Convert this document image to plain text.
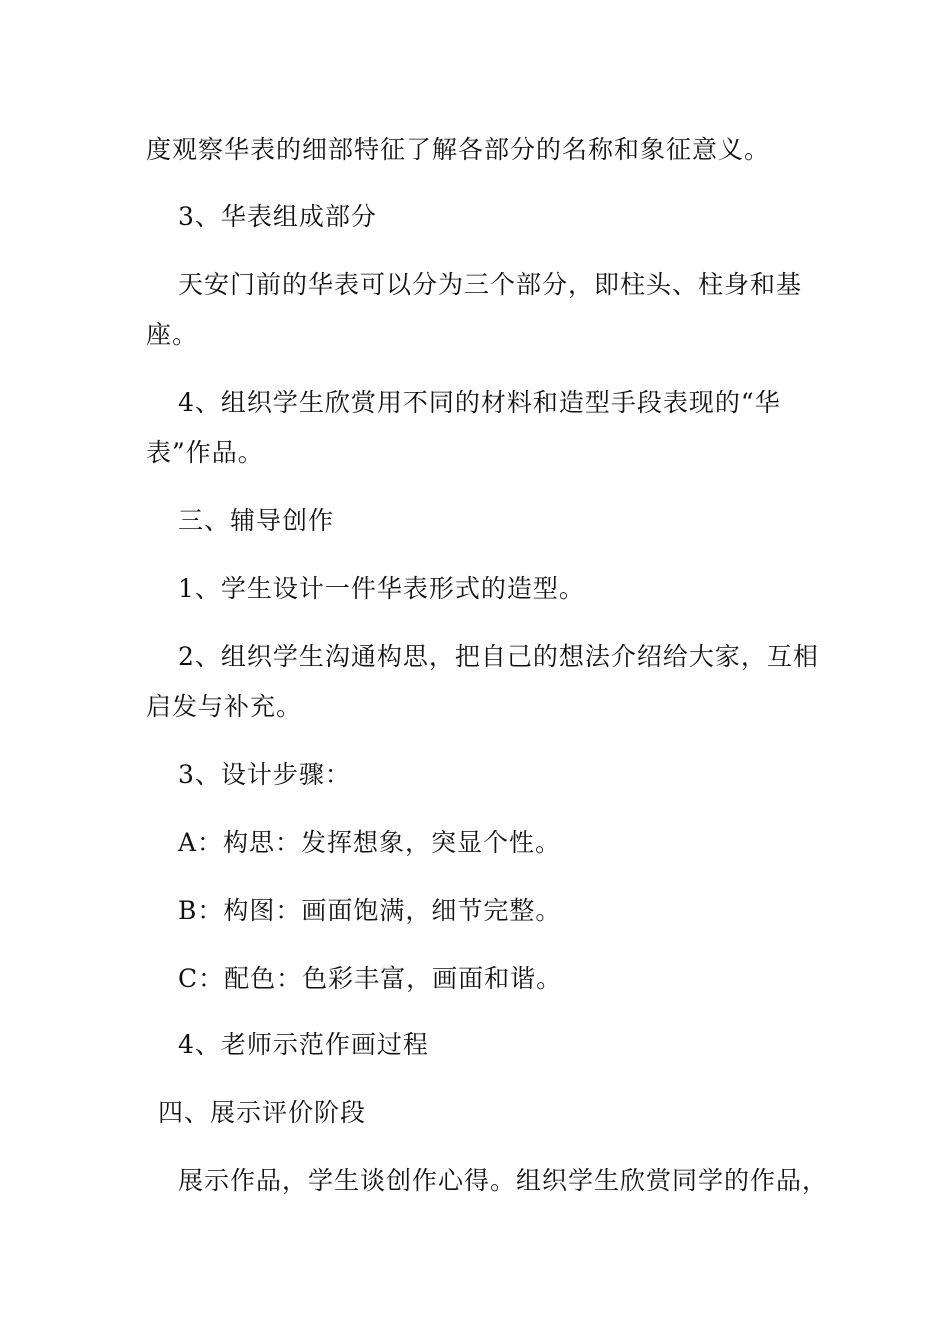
度观察华表的细部特征了解各部分的名称和象征意义。
3、华表组成部分
天安门前的华表可以分为三个部分，即柱头、柱身和基
座。
4、组织学生欣赏用不同的材料和造型手段表现的“华
表”作品。
三、辅导创作
1、学生设计一件华表形式的造型。
2、组织学生沟通构思，把自己的想法介绍给大家，互相
启发与补充。
3、设计步骤：
A：构思：发挥想象，突显个性。
B：构图：画面饱满，细节完整。
C：配色：色彩丰富，画面和谐。
4、老师示范作画过程
四、展示评价阶段
展示作品，学生谈创作心得。组织学生欣赏同学的作品，
